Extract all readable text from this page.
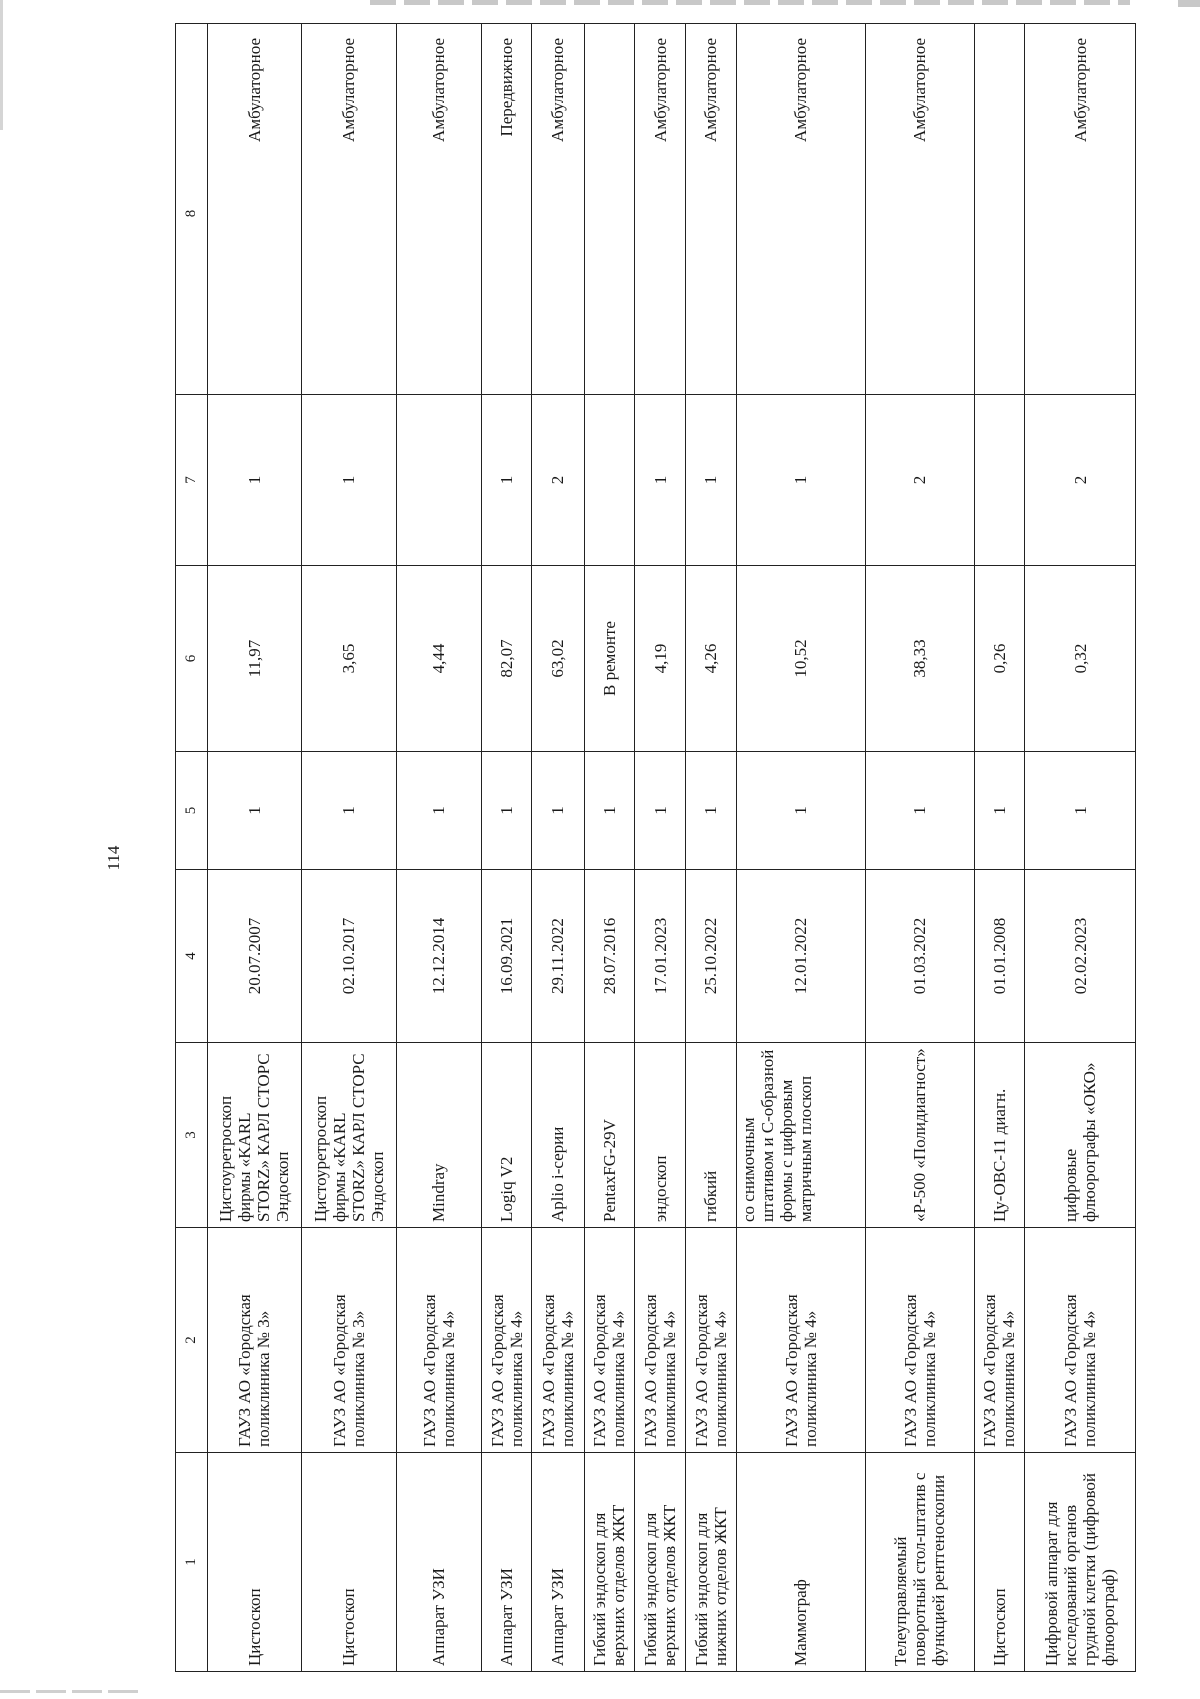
114
1	2	3	4	5	6	7	8
Цистоскоп	ГАУЗ АО «Городская поликлиника № 3»	Цистоуретроскоп фирмы «KARL STORZ» КАРЛ СТОРС Эндоскоп	20.07.2007	1	11,97	1	Амбулаторное
Цистоскоп	ГАУЗ АО «Городская поликлиника № 3»	Цистоуретроскоп фирмы «KARL STORZ» КАРЛ СТОРС Эндоскоп	02.10.2017	1	3,65	1	Амбулаторное
Аппарат УЗИ	ГАУЗ АО «Городская поликлиника № 4»	Mindray	12.12.2014	1	4,44		Амбулаторное
Аппарат УЗИ	ГАУЗ АО «Городская поликлиника № 4»	Logiq V2	16.09.2021	1	82,07	1	Передвижное
Аппарат УЗИ	ГАУЗ АО «Городская поликлиника № 4»	Aplio i-серии	29.11.2022	1	63,02	2	Амбулаторное
Гибкий эндоскоп для верхних отделов ЖКТ	ГАУЗ АО «Городская поликлиника № 4»	PentaxFG-29V	28.07.2016	1	В ремонте		
Гибкий эндоскоп для верхних отделов ЖКТ	ГАУЗ АО «Городская поликлиника № 4»	эндоскоп	17.01.2023	1	4,19	1	Амбулаторное
Гибкий эндоскоп для нижних отделов ЖКТ	ГАУЗ АО «Городская поликлиника № 4»	гибкий	25.10.2022	1	4,26	1	Амбулаторное
Маммограф	ГАУЗ АО «Городская поликлиника № 4»	со снимочным штативом и С-образной формы с цифровым матричным плоскоп	12.01.2022	1	10,52	1	Амбулаторное
Телеуправляемый поворотный стол-штатив с функцией рентгеноскопии	ГАУЗ АО «Городская поликлиника № 4»	«Р-500 «Полидиагност»	01.03.2022	1	38,33	2	Амбулаторное
Цистоскоп	ГАУЗ АО «Городская поликлиника № 4»	Цу-ОВС-11 диагн.	01.01.2008	1	0,26		
Цифровой аппарат для исследований органов грудной клетки (цифровой флюорограф)	ГАУЗ АО «Городская поликлиника № 4»	цифровые флюорографы «ОКО»	02.02.2023	1	0,32	2	Амбулаторное
